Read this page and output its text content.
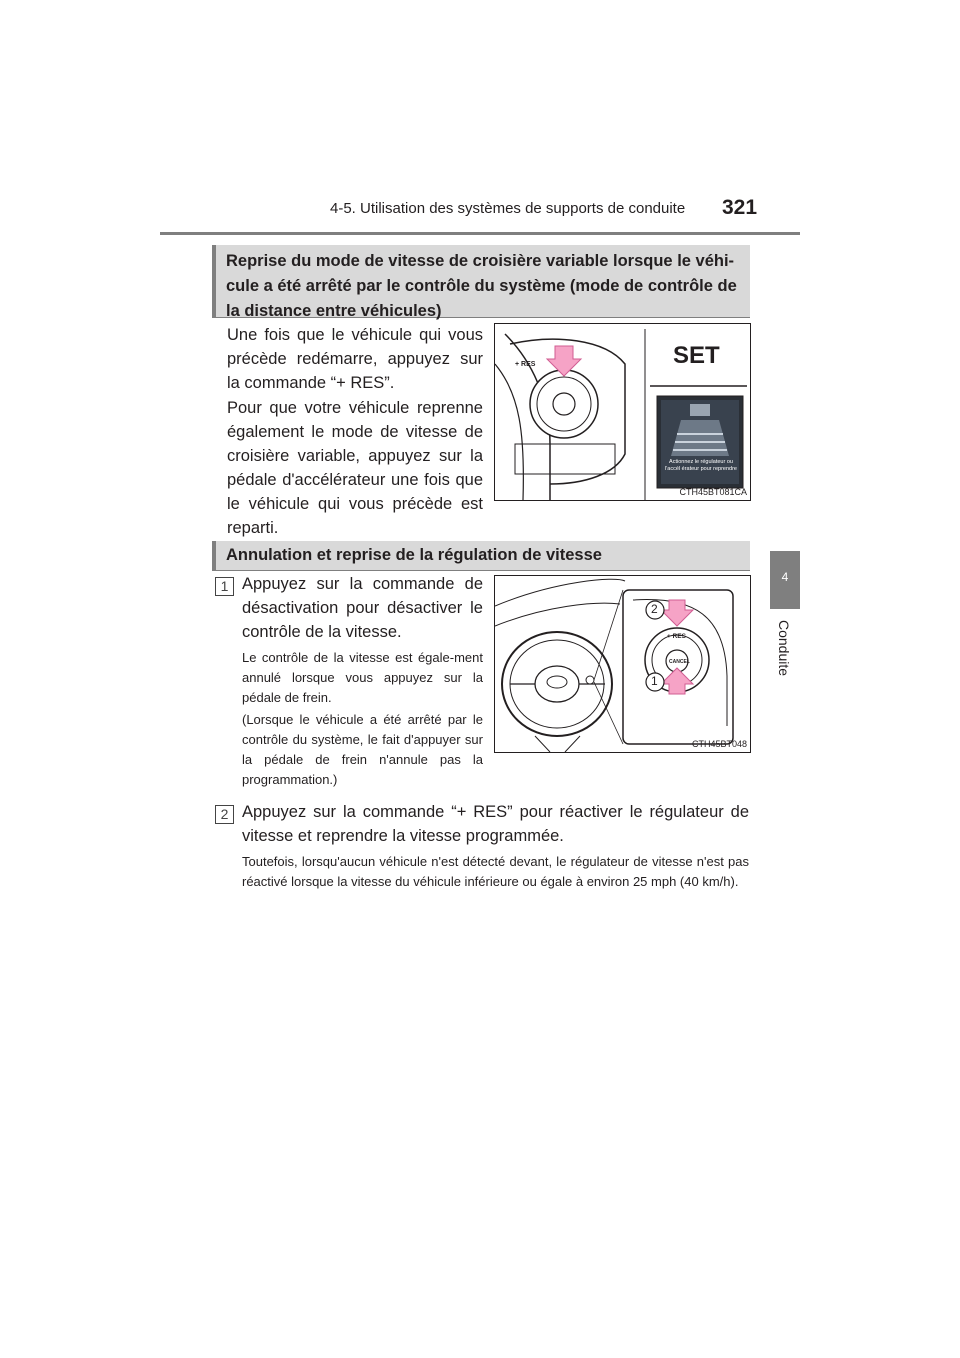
4-5. Utilisation des systèmes de supports de conduite 321
4
Conduite
Reprise du mode de vitesse de croisière variable lorsque le véhi-cule a été arrêté par le contrôle du système (mode de contrôle de la distance entre véhicules)
Une fois que le véhicule qui vous précède redémarre, appuyez sur la commande “+ RES”.
Pour que votre véhicule reprenne également le mode de vitesse de croisière variable, appuyez sur la pédale d'accélérateur une fois que le véhicule qui vous précède est reparti.
+ RES	SET
Actionnez le régulateur ou l'accél érateur pour reprendre
CTH45BT081CA
Annulation et reprise de la régulation de vitesse
1 Appuyez sur la commande de désactivation pour désactiver le contrôle de la vitesse.
Le contrôle de la vitesse est égale-ment annulé lorsque vous appuyez sur la pédale de frein.
(Lorsque le véhicule a été arrêté par le contrôle du système, le fait d'appuyer sur la pédale de frein n'annule pas la programmation.)
+ RES
CANCEL
2
1
CTH45BT048
2 Appuyez sur la commande “+ RES” pour réactiver le régulateur de vitesse et reprendre la vitesse programmée.
Toutefois, lorsqu'aucun véhicule n'est détecté devant, le régulateur de vitesse n'est pas réactivé lorsque la vitesse du véhicule inférieure ou égale à environ 25 mph (40 km/h).
